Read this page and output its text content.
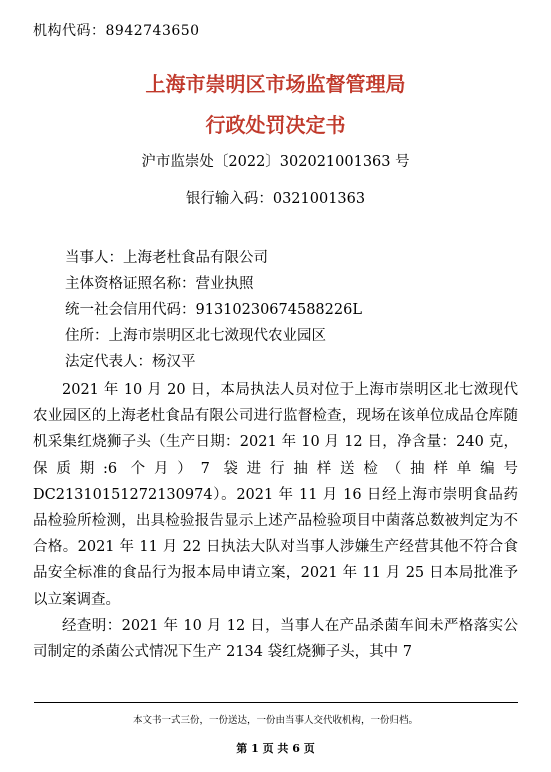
机构代码：8942743650
上海市崇明区市场监督管理局
行政处罚决定书
沪市监崇处〔2022〕302021001363 号
银行输入码：0321001363
当事人：上海老杜食品有限公司
主体资格证照名称：营业执照
统一社会信用代码：91310230674588226L
住所：上海市崇明区北七滧现代农业园区
法定代表人：杨汉平

2021 年 10 月 20 日，本局执法人员对位于上海市崇明区北七滧现代农业园区的上海老杜食品有限公司进行监督检查，现场在该单位成品仓库随机采集红烧狮子头（生产日期：2021 年 10 月 12 日，净含量：240 克，保质期:6 个月）7 袋进行抽样送检（抽样单编号 DC21310151272130974）。2021 年 11 月 16 日经上海市崇明食品药品检验所检测，出具检验报告显示上述产品检验项目中菌落总数被判定为不合格。2021 年 11 月 22 日执法大队对当事人涉嫌生产经营其他不符合食品安全标准的食品行为报本局申请立案，2021 年 11 月 25 日本局批准予以立案调查。

经查明：2021 年 10 月 12 日，当事人在产品杀菌车间未严格落实公司制定的杀菌公式情况下生产 2134 袋红烧狮子头，其中 7

本文书一式三份，一份送达，一份由当事人交代收机构，一份归档。
第 1 页 共 6 页
